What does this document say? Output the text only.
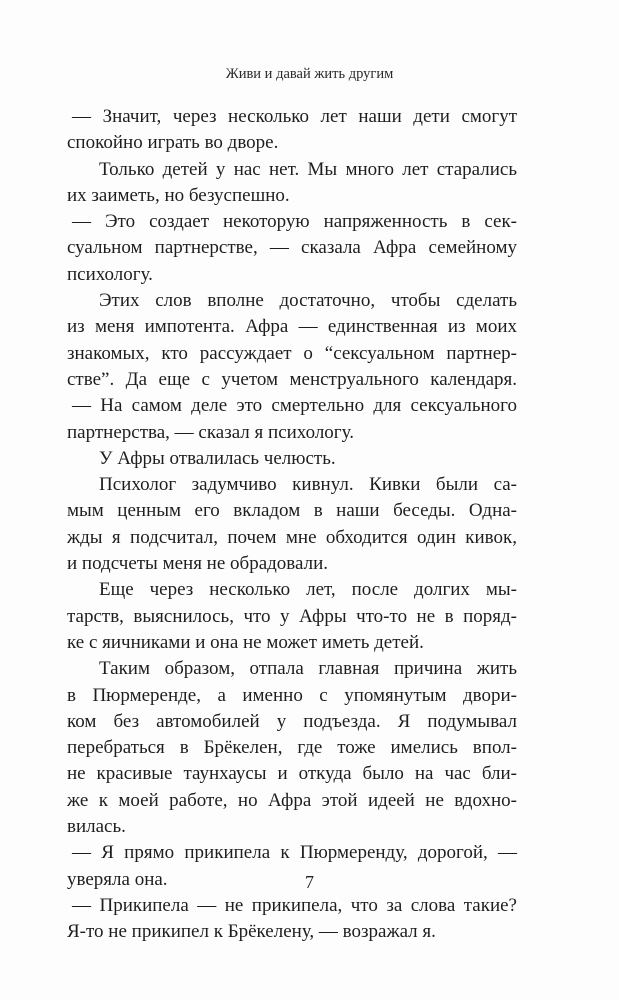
Живи и давай жить другим
— Значит, через несколько лет наши дети смогут
спокойно играть во дворе.
Только детей у нас нет. Мы много лет старались
их заиметь, но безуспешно.
— Это создает некоторую напряженность в сек-
суальном партнерстве, — сказала Афра семейному
психологу.
Этих слов вполне достаточно, чтобы сделать
из меня импотента. Афра — единственная из моих
знакомых, кто рассуждает о “сексуальном партнер-
стве”. Да еще с учетом менструального календаря.
— На самом деле это смертельно для сексуального
партнерства, — сказал я психологу.
У Афры отвалилась челюсть.
Психолог задумчиво кивнул. Кивки были са-
мым ценным его вкладом в наши беседы. Одна-
жды я подсчитал, почем мне обходится один кивок,
и подсчеты меня не обрадовали.
Еще через несколько лет, после долгих мы-
тарств, выяснилось, что у Афры что-то не в поряд-
ке с яичниками и она не может иметь детей.
Таким образом, отпала главная причина жить
в Пюрмеренде, а именно с упомянутым двори-
ком без автомобилей у подъезда. Я подумывал
перебраться в Брёкелен, где тоже имелись впол-
не красивые таунхаусы и откуда было на час бли-
же к моей работе, но Афра этой идеей не вдохно-
вилась.
— Я прямо прикипела к Пюрмеренду, дорогой, —
уверяла она.
— Прикипела — не прикипела, что за слова такие?
Я-то не прикипел к Брёкелену, — возражал я.
7
